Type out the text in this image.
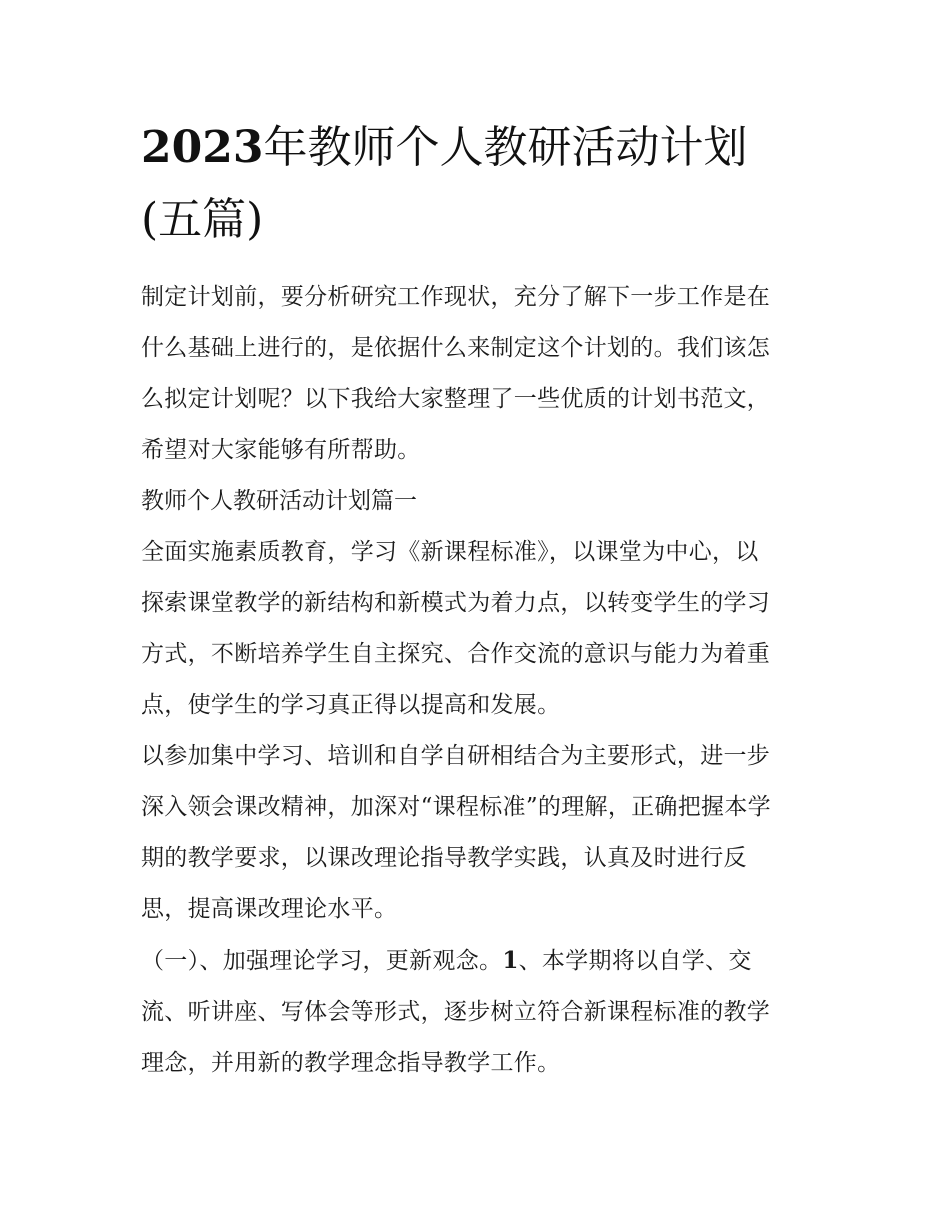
2023年教师个人教研活动计划
(五篇)

制定计划前，要分析研究工作现状，充分了解下一步工作是在
什么基础上进行的，是依据什么来制定这个计划的。我们该怎
么拟定计划呢？以下我给大家整理了一些优质的计划书范文，
希望对大家能够有所帮助。

教师个人教研活动计划篇一

全面实施素质教育，学习《新课程标准》，以课堂为中心，以
探索课堂教学的新结构和新模式为着力点，以转变学生的学习
方式，不断培养学生自主探究、合作交流的意识与能力为着重
点，使学生的学习真正得以提高和发展。

以参加集中学习、培训和自学自研相结合为主要形式，进一步
深入领会课改精神，加深对“课程标准”的理解，正确把握本学
期的教学要求，以课改理论指导教学实践，认真及时进行反
思，提高课改理论水平。

（一）、加强理论学习，更新观念。1、本学期将以自学、交
流、听讲座、写体会等形式，逐步树立符合新课程标准的教学
理念，并用新的教学理念指导教学工作。
